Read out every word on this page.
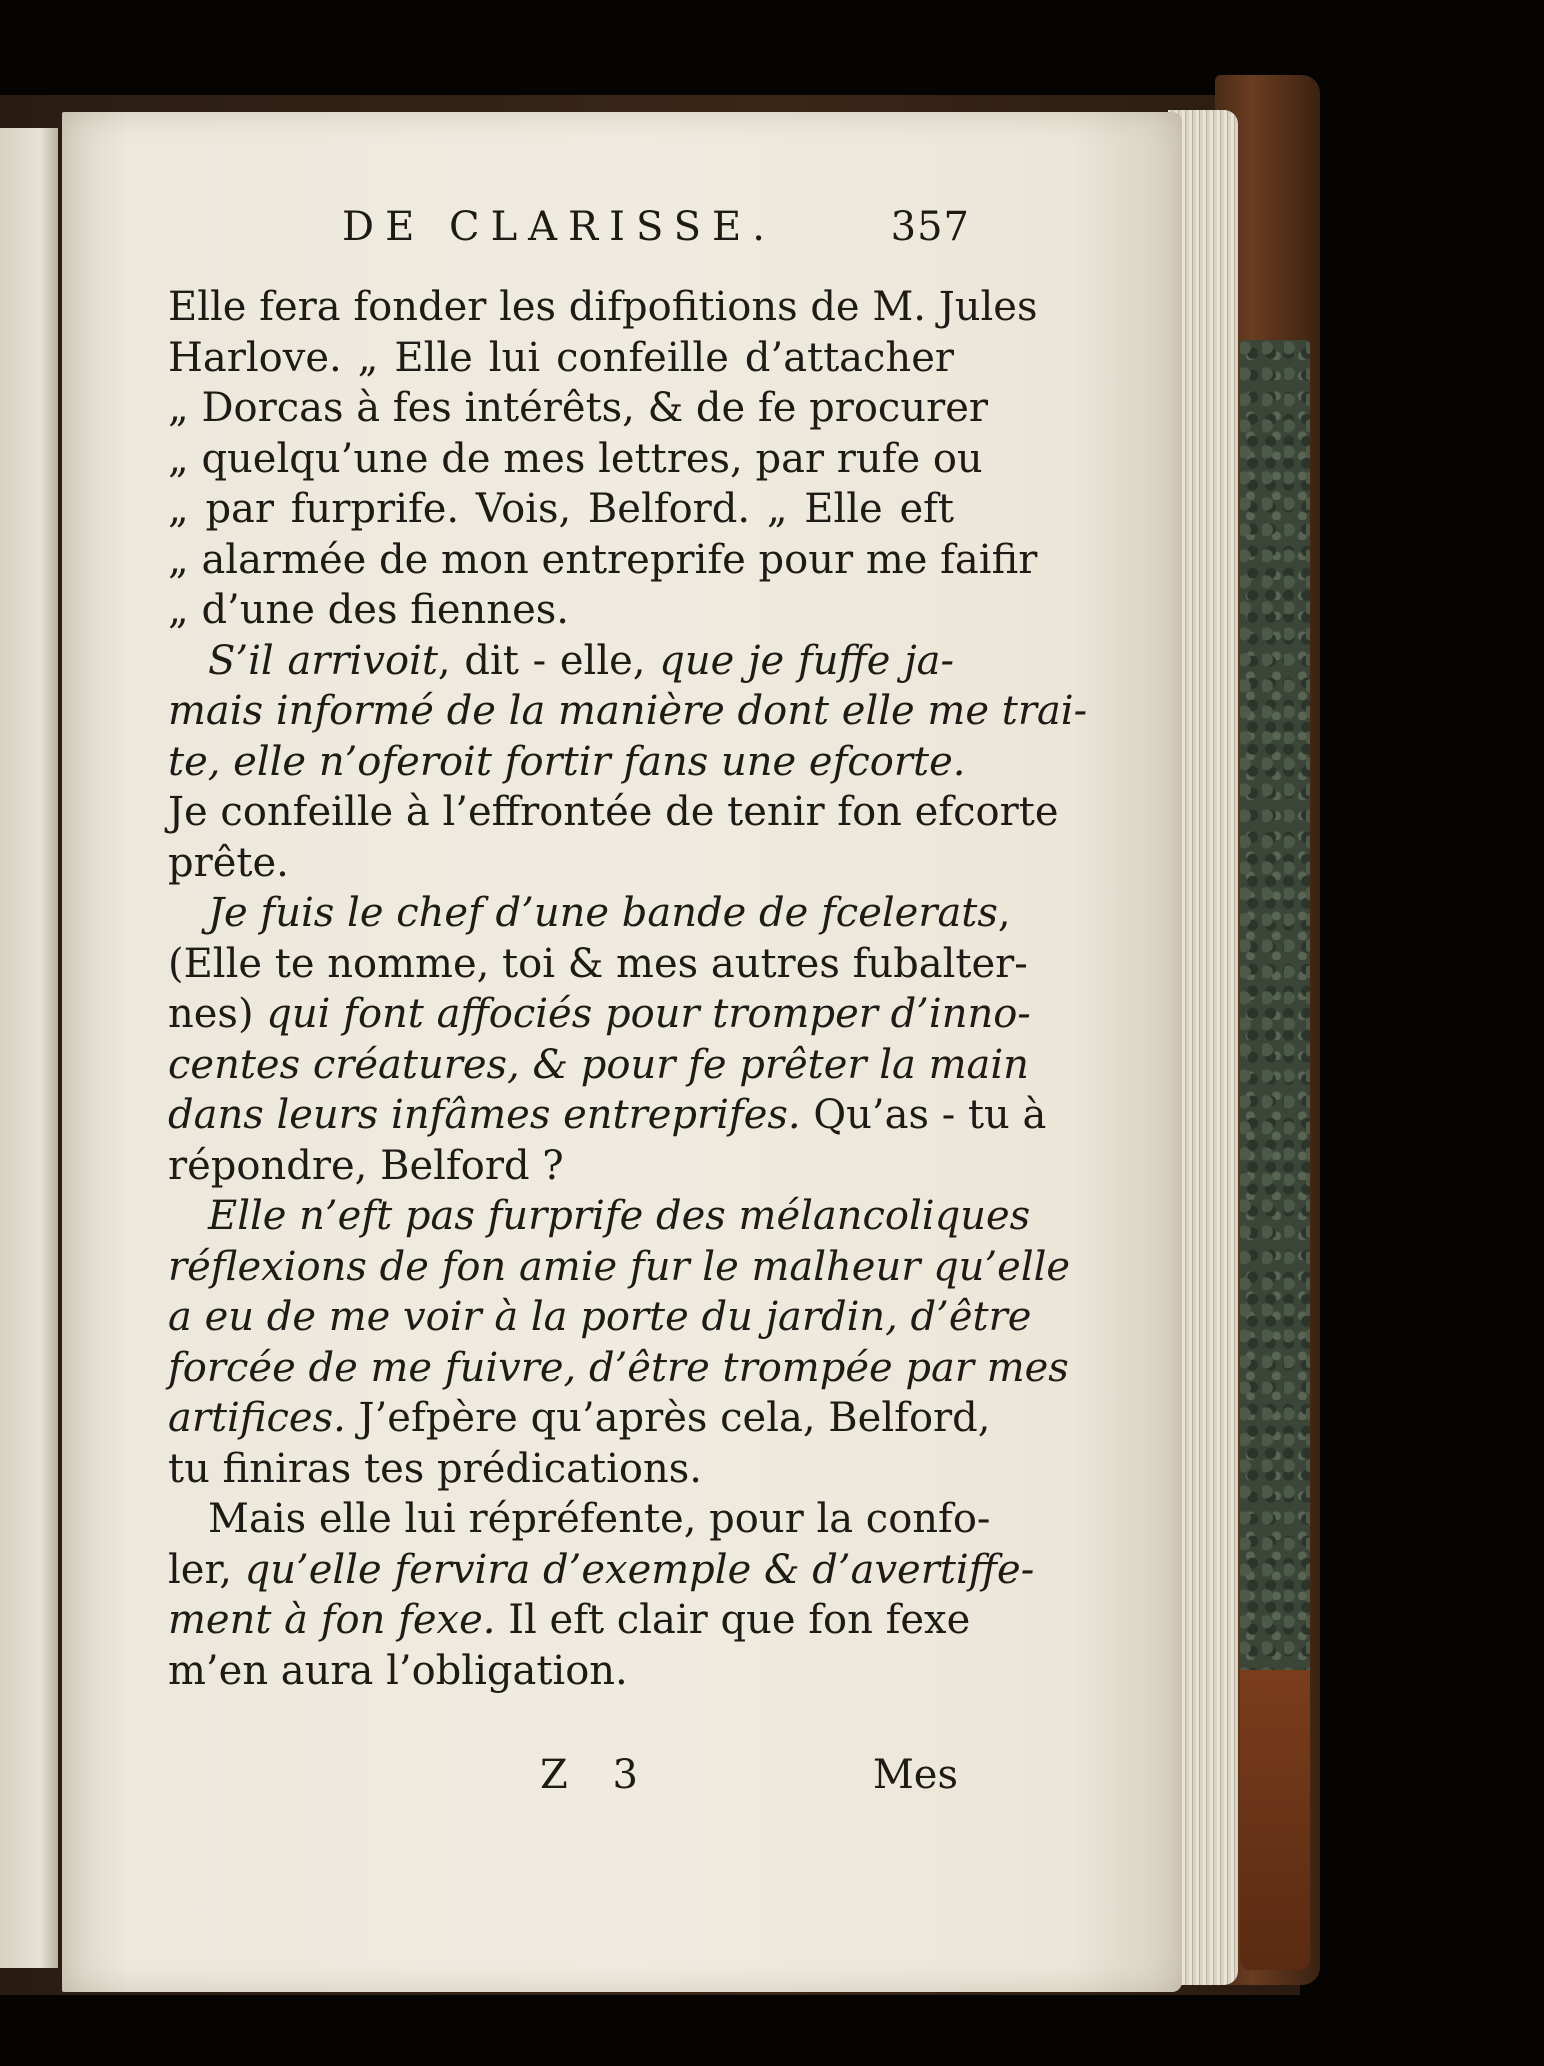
DE CLARISSE.	357
Elle fera fonder les difpofitions de M. Jules
Harlove. „ Elle lui confeille d’attacher
„ Dorcas à fes intérêts, & de fe procurer
„ quelqu’une de mes lettres, par rufe ou
„ par furprife. Vois, Belford. „ Elle eft
„ alarmée de mon entreprife pour me faifir
„ d’une des fiennes.
S’il arrivoit, dit - elle, que je fuffe ja-
mais informé de la manière dont elle me trai-
te, elle n’oferoit fortir fans une efcorte.
Je confeille à l’effrontée de tenir fon efcorte
prête.
Je fuis le chef d’une bande de fcelerats,
(Elle te nomme, toi & mes autres fubalter-
nes) qui font affociés pour tromper d’inno-
centes créatures, & pour fe prêter la main
dans leurs infâmes entreprifes. Qu’as - tu à
répondre, Belford ?
Elle n’eft pas furprife des mélancoliques
réflexions de fon amie fur le malheur qu’elle
a eu de me voir à la porte du jardin, d’être
forcée de me fuivre, d’être trompée par mes
artifices. J’efpère qu’après cela, Belford,
tu finiras tes prédications.
Mais elle lui répréfente, pour la confo-
ler, qu’elle fervira d’exemple & d’avertiffe-
ment à fon fexe. Il eft clair que fon fexe
m’en aura l’obligation.
Z 3	Mes
